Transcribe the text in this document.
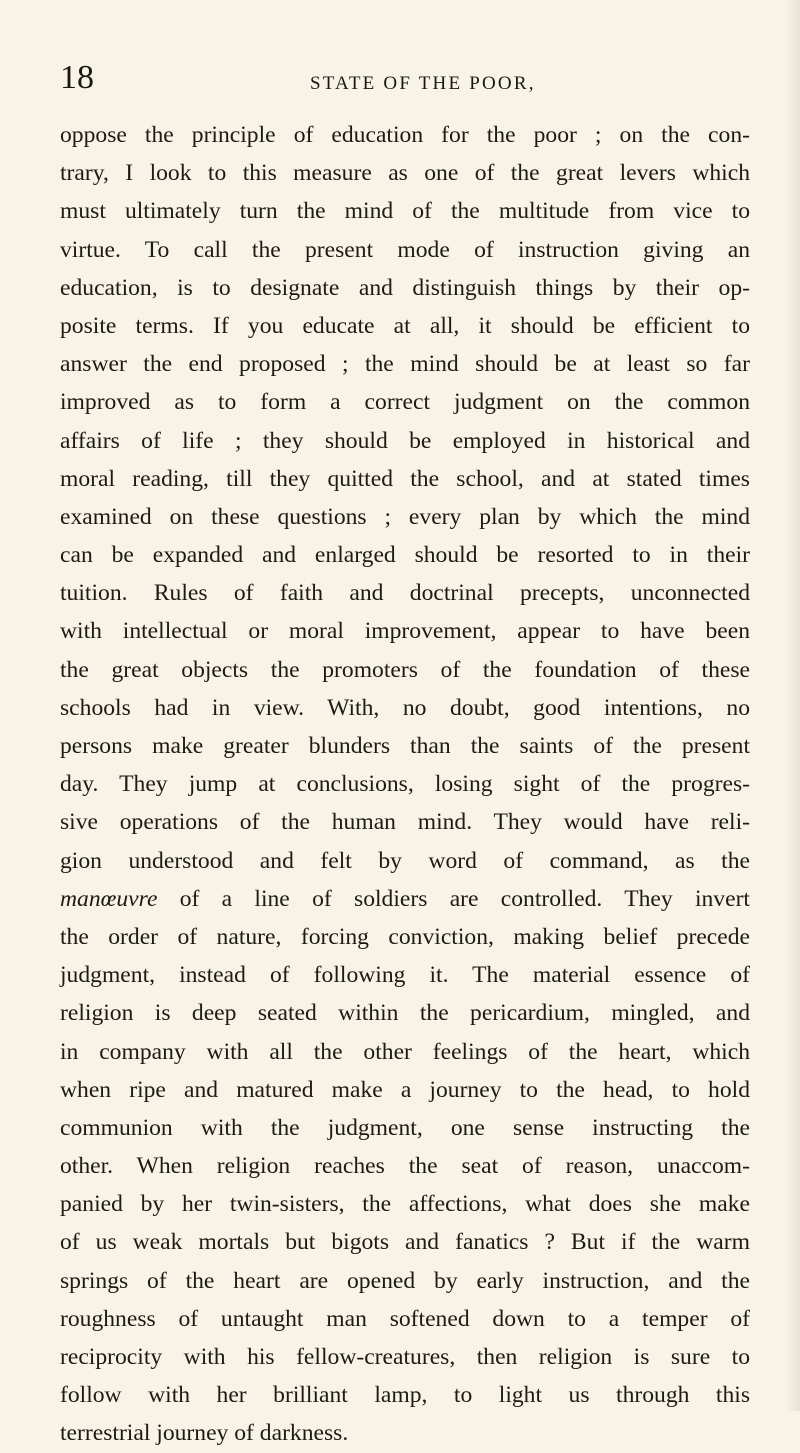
18	STATE OF THE POOR,
oppose the principle of education for the poor ; on the con-
trary, I look to this measure as one of the great levers which
must ultimately turn the mind of the multitude from vice to
virtue. To call the present mode of instruction giving an
education, is to designate and distinguish things by their op-
posite terms. If you educate at all, it should be efficient to
answer the end proposed ; the mind should be at least so far
improved as to form a correct judgment on the common
affairs of life ; they should be employed in historical and
moral reading, till they quitted the school, and at stated times
examined on these questions ; every plan by which the mind
can be expanded and enlarged should be resorted to in their
tuition. Rules of faith and doctrinal precepts, unconnected
with intellectual or moral improvement, appear to have been
the great objects the promoters of the foundation of these
schools had in view. With, no doubt, good intentions, no
persons make greater blunders than the saints of the present
day. They jump at conclusions, losing sight of the progres-
sive operations of the human mind. They would have reli-
gion understood and felt by word of command, as the
manœuvre of a line of soldiers are controlled. They invert
the order of nature, forcing conviction, making belief precede
judgment, instead of following it. The material essence of
religion is deep seated within the pericardium, mingled, and
in company with all the other feelings of the heart, which
when ripe and matured make a journey to the head, to hold
communion with the judgment, one sense instructing the
other. When religion reaches the seat of reason, unaccom-
panied by her twin-sisters, the affections, what does she make
of us weak mortals but bigots and fanatics ? But if the warm
springs of the heart are opened by early instruction, and the
roughness of untaught man softened down to a temper of
reciprocity with his fellow-creatures, then religion is sure to
follow with her brilliant lamp, to light us through this
terrestrial journey of darkness.
